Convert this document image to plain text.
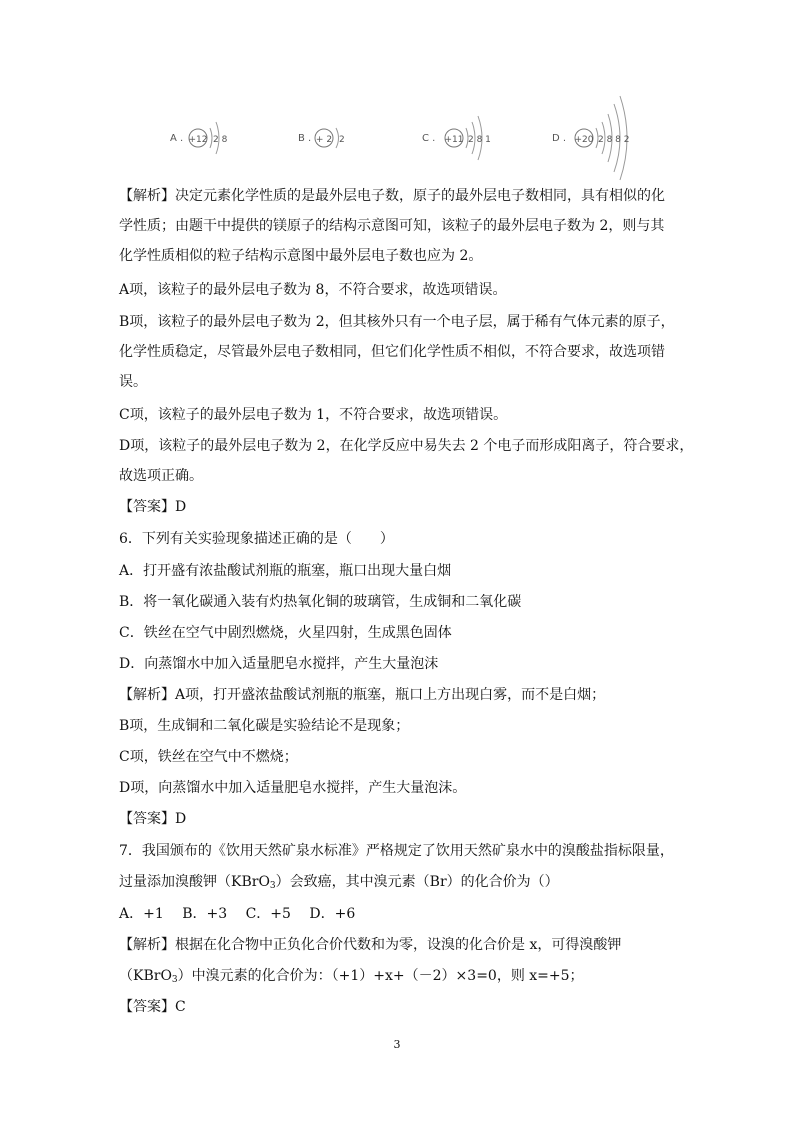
A . +12 2 8	B . + 2 2	C . +11 2 8 1	D . +20 2 8 8 2
【解析】决定元素化学性质的是最外层电子数，原子的最外层电子数相同，具有相似的化
学性质；由题干中提供的镁原子的结构示意图可知，该粒子的最外层电子数为 2，则与其
化学性质相似的粒子结构示意图中最外层电子数也应为 2。
A项，该粒子的最外层电子数为 8，不符合要求，故选项错误。
B项，该粒子的最外层电子数为 2，但其核外只有一个电子层，属于稀有气体元素的原子，
化学性质稳定，尽管最外层电子数相同，但它们化学性质不相似，不符合要求，故选项错
误。
C项，该粒子的最外层电子数为 1，不符合要求，故选项错误。
D项，该粒子的最外层电子数为 2，在化学反应中易失去 2 个电子而形成阳离子，符合要求，
故选项正确。
【答案】D
6．下列有关实验现象描述正确的是（　　）
A．打开盛有浓盐酸试剂瓶的瓶塞，瓶口出现大量白烟
B．将一氧化碳通入装有灼热氧化铜的玻璃管，生成铜和二氧化碳
C．铁丝在空气中剧烈燃烧，火星四射，生成黑色固体
D．向蒸馏水中加入适量肥皂水搅拌，产生大量泡沫
【解析】A项，打开盛浓盐酸试剂瓶的瓶塞，瓶口上方出现白雾，而不是白烟；
B项，生成铜和二氧化碳是实验结论不是现象；
C项，铁丝在空气中不燃烧；
D项，向蒸馏水中加入适量肥皂水搅拌，产生大量泡沫。
【答案】D
7．我国颁布的《饮用天然矿泉水标准》严格规定了饮用天然矿泉水中的溴酸盐指标限量，
过量添加溴酸钾（KBrO$_3$）会致癌，其中溴元素（Br）的化合价为（）
A．+1　 B．+3　 C．+5　 D．+6
【解析】根据在化合物中正负化合价代数和为零，设溴的化合价是 x，可得溴酸钾
（KBrO$_3$）中溴元素的化合价为：（+1）+x+（－2）×3=0，则 x=+5；
【答案】C
3
